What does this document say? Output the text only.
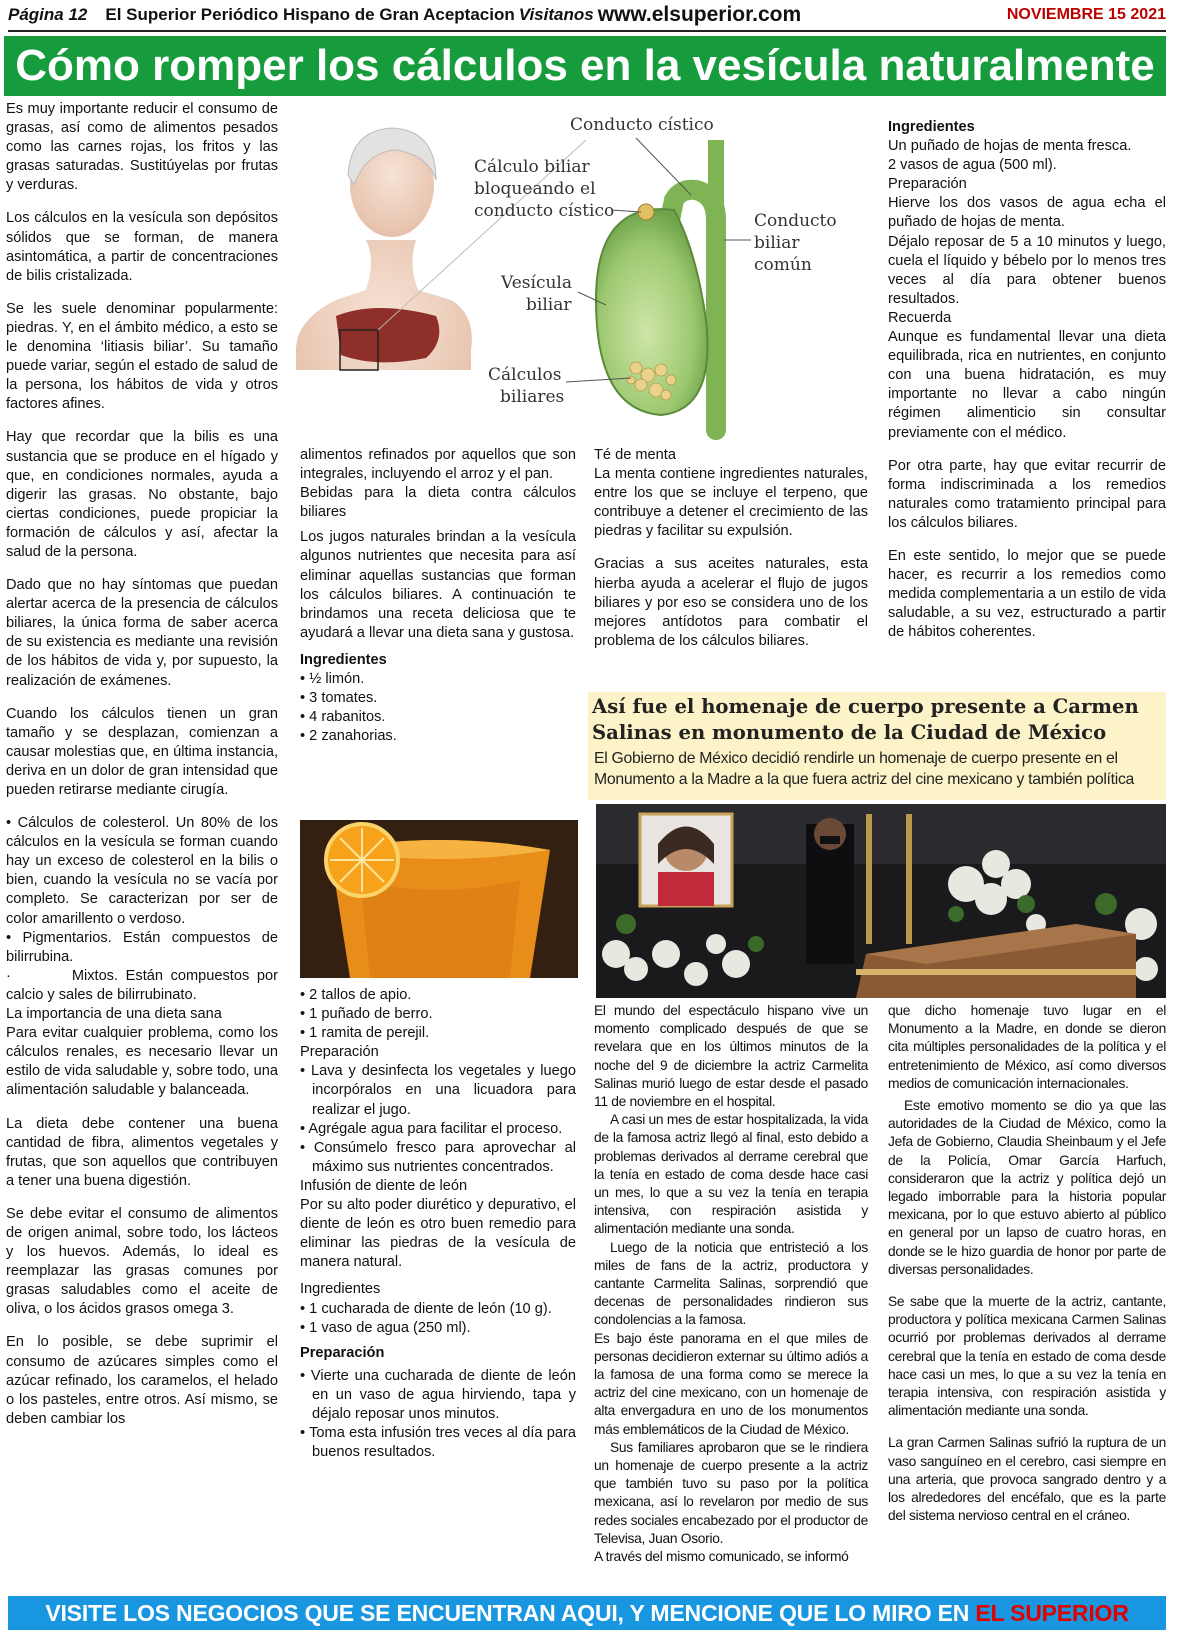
Página 12 El Superior Periódico Hispano de Gran Aceptacion Visitanos www.elsuperior.com	NOVIEMBRE 15 2021
Cómo romper los cálculos en la vesícula naturalmente

Es muy importante reducir el consumo de grasas, así como de alimentos pesados como las carnes rojas, los fritos y las grasas saturadas. Sustitúyelas por frutas y verduras.

Los cálculos en la vesícula son depósitos sólidos que se forman, de manera asintomática, a partir de concentraciones de bilis cristalizada.

Se les suele denominar popularmente: piedras. Y, en el ámbito médico, a esto se le denomina ‘litiasis biliar’. Su tamaño puede variar, según el estado de salud de la persona, los hábitos de vida y otros factores afines.

Hay que recordar que la bilis es una sustancia que se produce en el hígado y que, en condiciones normales, ayuda a digerir las grasas. No obstante, bajo ciertas condiciones, puede propiciar la formación de cálculos y así, afectar la salud de la persona.

Dado que no hay síntomas que puedan alertar acerca de la presencia de cálculos biliares, la única forma de saber acerca de su existencia es mediante una revisión de los hábitos de vida y, por supuesto, la realización de exámenes.

Cuando los cálculos tienen un gran tamaño y se desplazan, comienzan a causar molestias que, en última instancia, deriva en un dolor de gran intensidad que pueden retirarse mediante cirugía.

• Cálculos de colesterol. Un 80% de los cálculos en la vesícula se forman cuando hay un exceso de colesterol en la bilis o bien, cuando la vesícula no se vacía por completo. Se caracterizan por ser de color amarillento o verdoso.

• Pigmentarios. Están compuestos de bilirrubina.

·        Mixtos. Están compuestos por calcio y sales de bilirrubinato.

La importancia de una dieta sana

Para evitar cualquier problema, como los cálculos renales, es necesario llevar un estilo de vida saludable y, sobre todo, una alimentación saludable y balanceada.

La dieta debe contener una buena cantidad de fibra, alimentos vegetales y frutas, que son aquellos que contribuyen a tener una buena digestión.

Se debe evitar el consumo de alimentos de origen animal, sobre todo, los lácteos y los huevos. Además, lo ideal es reemplazar las grasas comunes por grasas saludables como el aceite de oliva, o los ácidos grasos omega 3.

En lo posible, se debe suprimir el consumo de azúcares simples como el azúcar refinado, los caramelos, el helado o los pasteles, entre otros. Así mismo, se deben cambiar los

Conducto cístico
Cálculo biliar
bloqueando el
conducto cístico	Conducto
biliar
común
Vesícula
biliar
Cálculos
biliares

alimentos refinados por aquellos que son integrales, incluyendo el arroz y el pan.

Bebidas para la dieta contra cálculos biliares

Los jugos naturales brindan a la vesícula algunos nutrientes que necesita para así eliminar aquellas sustancias que forman los cálculos biliares. A continuación te brindamos una receta deliciosa que te ayudará a llevar una dieta sana y gustosa.

Ingredientes

• ½ limón.
• 3 tomates.
• 4 rabanitos.
• 2 zanahorias.
• 2 tallos de apio.
• 1 puñado de berro.
• 1 ramita de perejil.

Preparación

• Lava y desinfecta los vegetales y luego incorpóralos en una licuadora para realizar el jugo.
• Agrégale agua para facilitar el proceso.
• Consúmelo fresco para aprovechar al máximo sus nutrientes concentrados.

Infusión de diente de león

Por su alto poder diurético y depurativo, el diente de león es otro buen remedio para eliminar las piedras de la vesícula de manera natural.

Ingredientes

• 1 cucharada de diente de león (10 g).
• 1 vaso de agua (250 ml).

Preparación

• Vierte una cucharada de diente de león en un vaso de agua hirviendo, tapa y déjalo reposar unos minutos.
• Toma esta infusión tres veces al día para buenos resultados.

Té de menta

La menta contiene ingredientes naturales, entre los que se incluye el terpeno, que contribuye a detener el crecimiento de las piedras y facilitar su expulsión.

Gracias a sus aceites naturales, esta hierba ayuda a acelerar el flujo de jugos biliares y por eso se considera uno de los mejores antídotos para combatir el problema de los cálculos biliares.

Ingredientes

Un puñado de hojas de menta fresca.

2 vasos de agua (500 ml).

Preparación

Hierve los dos vasos de agua echa el puñado de hojas de menta.

Déjalo reposar de 5 a 10 minutos y luego, cuela el líquido y bébelo por lo menos tres veces al día para obtener buenos resultados.

Recuerda

Aunque es fundamental llevar una dieta equilibrada, rica en nutrientes, en conjunto con una buena hidratación, es muy importante no llevar a cabo ningún régimen alimenticio sin consultar previamente con el médico.

Por otra parte, hay que evitar recurrir de forma indiscriminada a los remedios naturales como tratamiento principal para los cálculos biliares.

En este sentido, lo mejor que se puede hacer, es recurrir a los remedios como medida complementaria a un estilo de vida saludable, a su vez, estructurado a partir de hábitos coherentes.

Así fue el homenaje de cuerpo presente a Carmen Salinas en monumento de la Ciudad de México
El Gobierno de México decidió rendirle un homenaje de cuerpo presente en el Monumento a la Madre a la que fuera actriz del cine mexicano y también política

El mundo del espectáculo hispano vive un momento complicado después de que se revelara que en los últimos minutos de la noche del 9 de diciembre la actriz Carmelita Salinas murió luego de estar desde el pasado 11 de noviembre en el hospital.

A casi un mes de estar hospitalizada, la vida de la famosa actriz llegó al final, esto debido a problemas derivados al derrame cerebral que la tenía en estado de coma desde hace casi un mes, lo que a su vez la tenía en terapia intensiva, con respiración asistida y alimentación mediante una sonda.

Luego de la noticia que entristeció a los miles de fans de la actriz, productora y cantante Carmelita Salinas, sorprendió que decenas de personalidades rindieron sus condolencias a la famosa.

Es bajo éste panorama en el que miles de personas decidieron externar su último adiós a la famosa de una forma como se merece la actriz del cine mexicano, con un homenaje de alta envergadura en uno de los monumentos más emblemáticos de la Ciudad de México.

Sus familiares aprobaron que se le rindiera un homenaje de cuerpo presente a la actriz que también tuvo su paso por la política mexicana, así lo revelaron por medio de sus redes sociales encabezado por el productor de Televisa, Juan Osorio.

A través del mismo comunicado, se informó

que dicho homenaje tuvo lugar en el Monumento a la Madre, en donde se dieron cita múltiples personalidades de la política y el entretenimiento de México, así como diversos medios de comunicación internacionales.

Este emotivo momento se dio ya que las autoridades de la Ciudad de México, como la Jefa de Gobierno, Claudia Sheinbaum y el Jefe de la Policía, Omar García Harfuch, consideraron que la actriz y política dejó un legado imborrable para la historia popular mexicana, por lo que estuvo abierto al público en general por un lapso de cuatro horas, en donde se le hizo guardia de honor por parte de diversas personalidades.

Se sabe que la muerte de la actriz, cantante, productora y política mexicana Carmen Salinas ocurrió por problemas derivados al derrame cerebral que la tenía en estado de coma desde hace casi un mes, lo que a su vez la tenía en terapia intensiva, con respiración asistida y alimentación mediante una sonda.

La gran Carmen Salinas sufrió la ruptura de un vaso sanguíneo en el cerebro, casi siempre en una arteria, que provoca sangrado dentro y a los alrededores del encéfalo, que es la parte del sistema nervioso central en el cráneo.

VISITE LOS NEGOCIOS QUE SE ENCUENTRAN AQUI, Y MENCIONE QUE LO MIRO EN EL SUPERIOR
